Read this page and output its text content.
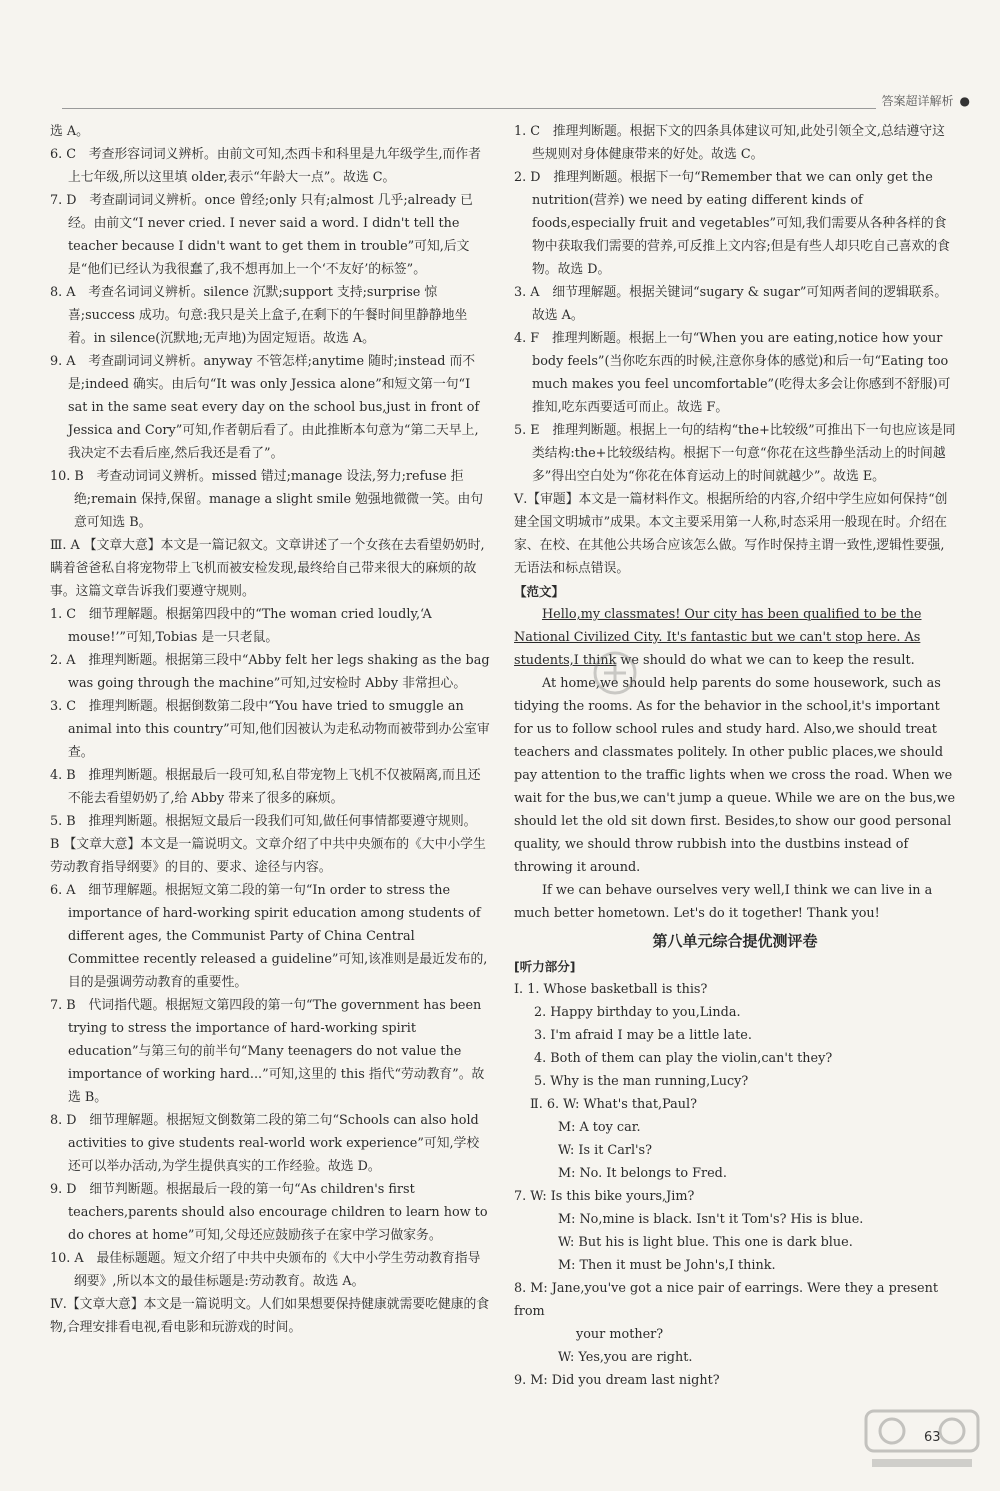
答案超详解析 ●

选 A。

6. C　考查形容词词义辨析。由前文可知,杰西卡和科里是九年级学生,而作者上七年级,所以这里填 older,表示“年龄大一点”。故选 C。

7. D　考查副词词义辨析。once 曾经;only 只有;almost 几乎;already 已经。由前文“I never cried. I never said a word. I didn't tell the teacher because I didn't want to get them in trouble”可知,后文是“他们已经认为我很蠢了,我不想再加上一个‘不友好’的标签”。

8. A　考查名词词义辨析。silence 沉默;support 支持;surprise 惊喜;success 成功。句意:我只是关上盒子,在剩下的午餐时间里静静地坐着。in silence(沉默地;无声地)为固定短语。故选 A。

9. A　考查副词词义辨析。anyway 不管怎样;anytime 随时;instead 而不是;indeed 确实。由后句“It was only Jessica alone”和短文第一句“I sat in the same seat every day on the school bus,just in front of Jessica and Cory”可知,作者朝后看了。由此推断本句意为“第二天早上,我决定不去看后座,然后我还是看了”。

10. B　考查动词词义辨析。missed 错过;manage 设法,努力;refuse 拒绝;remain 保持,保留。manage a slight smile 勉强地微微一笑。由句意可知选 B。

Ⅲ. A 【文章大意】本文是一篇记叙文。文章讲述了一个女孩在去看望奶奶时,瞒着爸爸私自将宠物带上飞机而被安检发现,最终给自己带来很大的麻烦的故事。这篇文章告诉我们要遵守规则。

1. C　细节理解题。根据第四段中的“The woman cried loudly,‘A mouse!’”可知,Tobias 是一只老鼠。

2. A　推理判断题。根据第三段中“Abby felt her legs shaking as the bag was going through the machine”可知,过安检时 Abby 非常担心。

3. C　推理判断题。根据倒数第二段中“You have tried to smuggle an animal into this country”可知,他们因被认为走私动物而被带到办公室审查。

4. B　推理判断题。根据最后一段可知,私自带宠物上飞机不仅被隔离,而且还不能去看望奶奶了,给 Abby 带来了很多的麻烦。

5. B　推理判断题。根据短文最后一段我们可知,做任何事情都要遵守规则。

B 【文章大意】本文是一篇说明文。文章介绍了中共中央颁布的《大中小学生劳动教育指导纲要》的目的、要求、途径与内容。

6. A　细节理解题。根据短文第二段的第一句“In order to stress the importance of hard-working spirit education among students of different ages, the Communist Party of China Central Committee recently released a guideline”可知,该准则是最近发布的,目的是强调劳动教育的重要性。

7. B　代词指代题。根据短文第四段的第一句“The government has been trying to stress the importance of hard-working spirit education”与第三句的前半句“Many teenagers do not value the importance of working hard...”可知,这里的 this 指代“劳动教育”。故选 B。

8. D　细节理解题。根据短文倒数第二段的第二句“Schools can also hold activities to give students real-world work experience”可知,学校还可以举办活动,为学生提供真实的工作经验。故选 D。

9. D　细节判断题。根据最后一段的第一句“As children's first teachers,parents should also encourage children to learn how to do chores at home”可知,父母还应鼓励孩子在家中学习做家务。

10. A　最佳标题题。短文介绍了中共中央颁布的《大中小学生劳动教育指导纲要》,所以本文的最佳标题是:劳动教育。故选 A。

Ⅳ.【文章大意】本文是一篇说明文。人们如果想要保持健康就需要吃健康的食物,合理安排看电视,看电影和玩游戏的时间。

1. C　推理判断题。根据下文的四条具体建议可知,此处引领全文,总结遵守这些规则对身体健康带来的好处。故选 C。

2. D　推理判断题。根据下一句“Remember that we can only get the nutrition(营养) we need by eating different kinds of foods,especially fruit and vegetables”可知,我们需要从各种各样的食物中获取我们需要的营养,可反推上文内容;但是有些人却只吃自己喜欢的食物。故选 D。

3. A　细节理解题。根据关键词“sugary & sugar”可知两者间的逻辑联系。故选 A。

4. F　推理判断题。根据上一句“When you are eating,notice how your body feels”(当你吃东西的时候,注意你身体的感觉)和后一句“Eating too much makes you feel uncomfortable”(吃得太多会让你感到不舒服)可推知,吃东西要适可而止。故选 F。

5. E　推理判断题。根据上一句的结构“the+比较级”可推出下一句也应该是同类结构:the+比较级结构。根据下一句意“你花在这些静坐活动上的时间越多”得出空白处为“你花在体育运动上的时间就越少”。故选 E。

Ⅴ.【审题】本文是一篇材料作文。根据所给的内容,介绍中学生应如何保持“创建全国文明城市”成果。本文主要采用第一人称,时态采用一般现在时。介绍在家、在校、在其他公共场合应该怎么做。写作时保持主谓一致性,逻辑性要强,无语法和标点错误。

【范文】

Hello,my classmates! Our city has been qualified to be the National Civilized City. It's fantastic but we can't stop here. As students,I think we should do what we can to keep the result.

At home,we should help parents do some housework, such as tidying the rooms. As for the behavior in the school,it's important for us to follow school rules and study hard. Also,we should treat teachers and classmates politely. In other public places,we should pay attention to the traffic lights when we cross the road. When we wait for the bus,we can't jump a queue. While we are on the bus,we should let the old sit down first. Besides,to show our good personal quality, we should throw rubbish into the dustbins instead of throwing it around.

If we can behave ourselves very well,I think we can live in a much better hometown. Let's do it together! Thank you!

第八单元综合提优测评卷

[听力部分]

Ⅰ. 1. Whose basketball is this?

2. Happy birthday to you,Linda.

3. I'm afraid I may be a little late.

4. Both of them can play the violin,can't they?

5. Why is the man running,Lucy?

Ⅱ. 6. W: What's that,Paul?

M: A toy car.

W: Is it Carl's?

M: No. It belongs to Fred.

7. W: Is this bike yours,Jim?

M: No,mine is black. Isn't it Tom's? His is blue.

W: But his is light blue. This one is dark blue.

M: Then it must be John's,I think.

8. M: Jane,you've got a nice pair of earrings. Were they a present from

your mother?

W: Yes,you are right.

9. M: Did you dream last night?

63
